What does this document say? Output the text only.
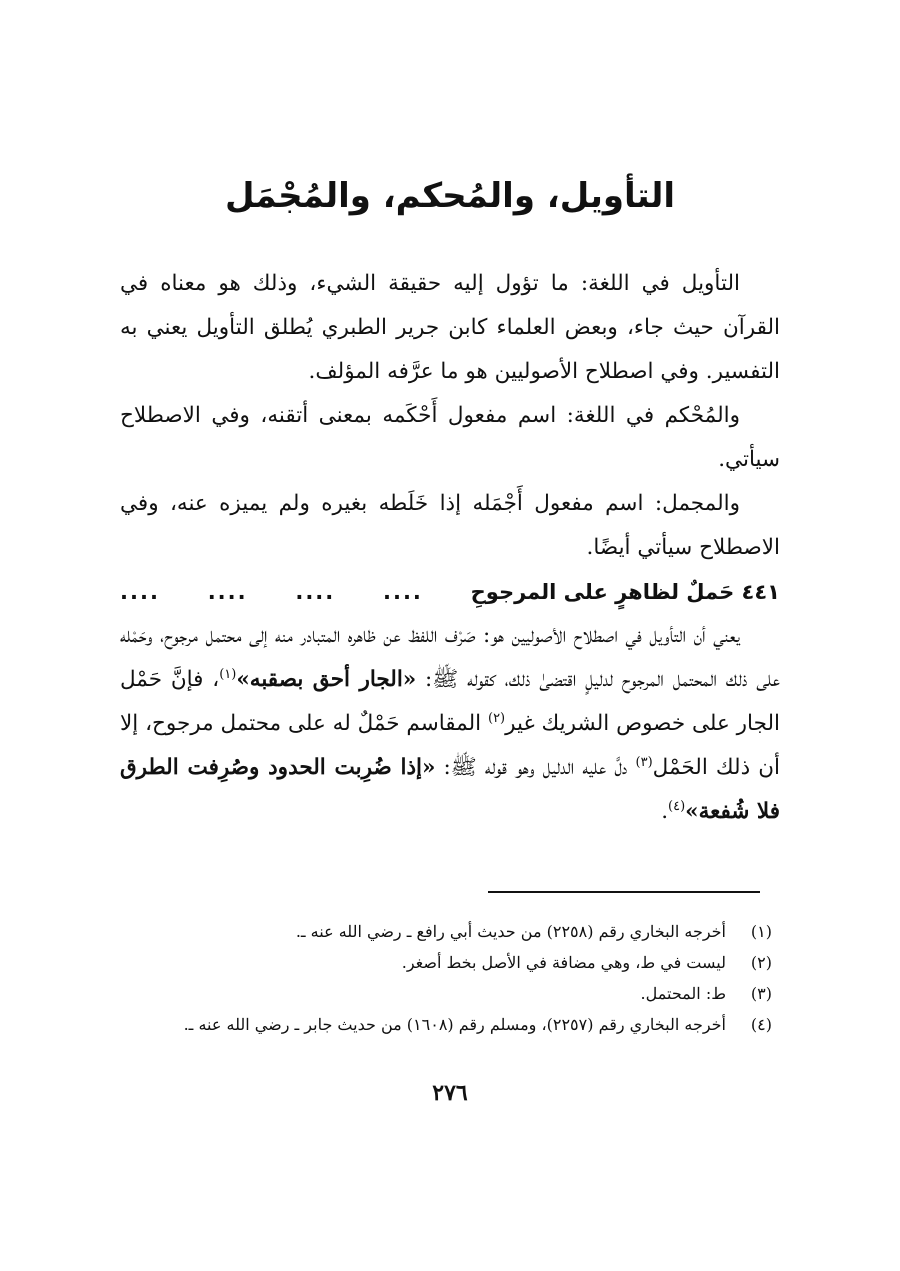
التأويل، والمُحكم، والمُجْمَل

التأويل في اللغة: ما تؤول إليه حقيقة الشيء، وذلك هو معناه في القرآن حيث جاء، وبعض العلماء كابن جرير الطبري يُطلق التأويل يعني به التفسير. وفي اصطلاح الأصوليين هو ما عرَّفه المؤلف.

والمُحْكم في اللغة: اسم مفعول أَحْكَمه بمعنى أتقنه، وفي الاصطلاح سيأتي.

والمجمل: اسم مفعول أَجْمَله إذا خَلَطه بغيره ولم يميزه عنه، وفي الاصطلاح سيأتي أيضًا.

٤٤١ حَملٌ لظاهرٍ على المرجوحِ
....
....
....
....

يعني أن التأويل في اصطلاح الأصوليين هو: صَرْف اللفظ عن ظاهره المتبادر منه إلى محتمل مرجوح، وحَمْله على ذلك المحتمل المرجوح لدليلٍ اقتضىٰ ذلك، كقوله ﷺ: «الجار أحق بصقبه»$^{(١)}$، فإنَّ حَمْل الجار على خصوص الشريك غير$^{(٢)}$ المقاسم حَمْلٌ له على محتمل مرجوح، إلا أن ذلك الحَمْل$^{(٣)}$ دلَّ عليه الدليل وهو قوله ﷺ: «إذا ضُرِبت الحدود وصُرِفت الطرق فلا شُفعة»$^{(٤)}$.

(١)
أخرجه البخاري رقم (٢٢٥٨) من حديث أبي رافع ـ رضي الله عنه ـ.
(٢)
ليست في ط، وهي مضافة في الأصل بخط أصغر.
(٣)
ط: المحتمل.
(٤)
أخرجه البخاري رقم (٢٢٥٧)، ومسلم رقم (١٦٠٨) من حديث جابر ـ رضي الله عنه ـ.
٢٧٦
